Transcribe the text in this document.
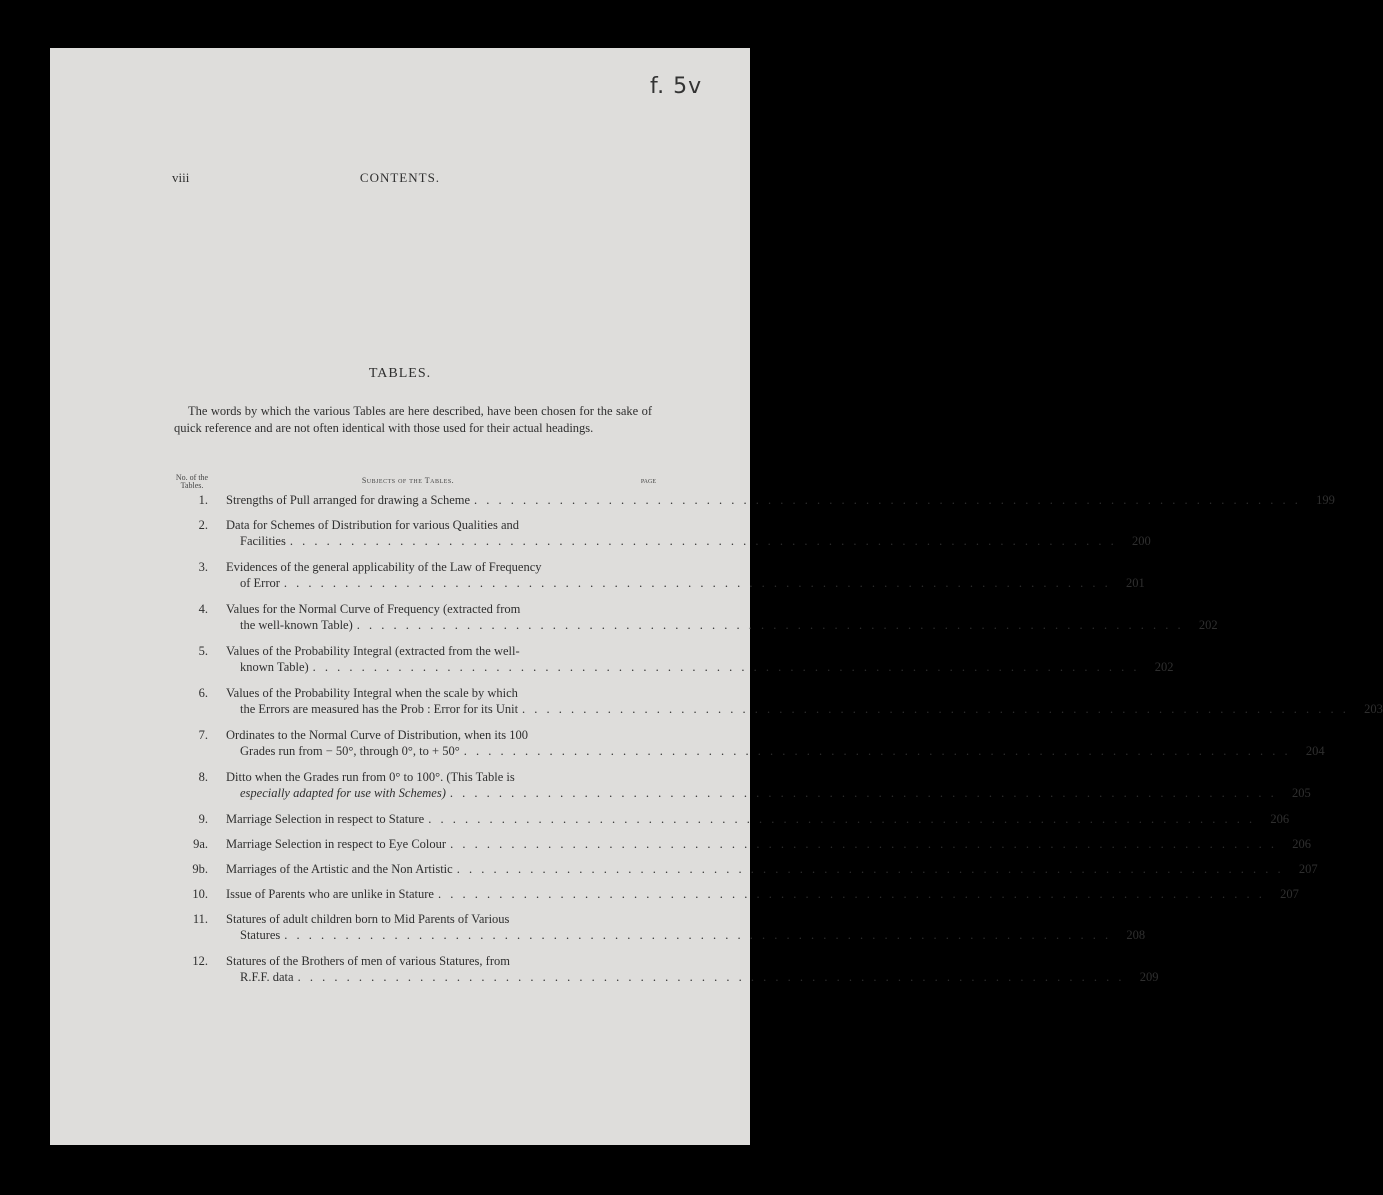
f. 5v
viii	CONTENTS.
TABLES.

The words by which the various Tables are here described, have been chosen for the sake of quick reference and are not often identical with those used for their actual headings.

No. of the Tables.
Subjects of the Tables.	page
1.	Strengths of Pull arranged for drawing a Scheme . . .	199
2.	Data for Schemes of Distribution for various Qualities and
Facilities . . .	200
3.	Evidences of the general applicability of the Law of Frequency
of Error . . .	201
4.	Values for the Normal Curve of Frequency (extracted from
the well-known Table) . . .	202
5.	Values of the Probability Integral (extracted from the well-
known Table) . . .	202
6.	Values of the Probability Integral when the scale by which
the Errors are measured has the Prob : Error for its Unit . . .	203
7.	Ordinates to the Normal Curve of Distribution, when its 100
Grades run from − 50°, through 0°, to + 50° . . .	204
8.	Ditto when the Grades run from 0° to 100°. (This Table is
especially adapted for use with Schemes) . . .	205
9.	Marriage Selection in respect to Stature . . .	206
9a.	Marriage Selection in respect to Eye Colour . . .	206
9b.	Marriages of the Artistic and the Non Artistic . . .	207
10.	Issue of Parents who are unlike in Stature . . .	207
11.	Statures of adult children born to Mid Parents of Various
Statures . . .	208
12.	Statures of the Brothers of men of various Statures, from
R.F.F. data . . .	209
